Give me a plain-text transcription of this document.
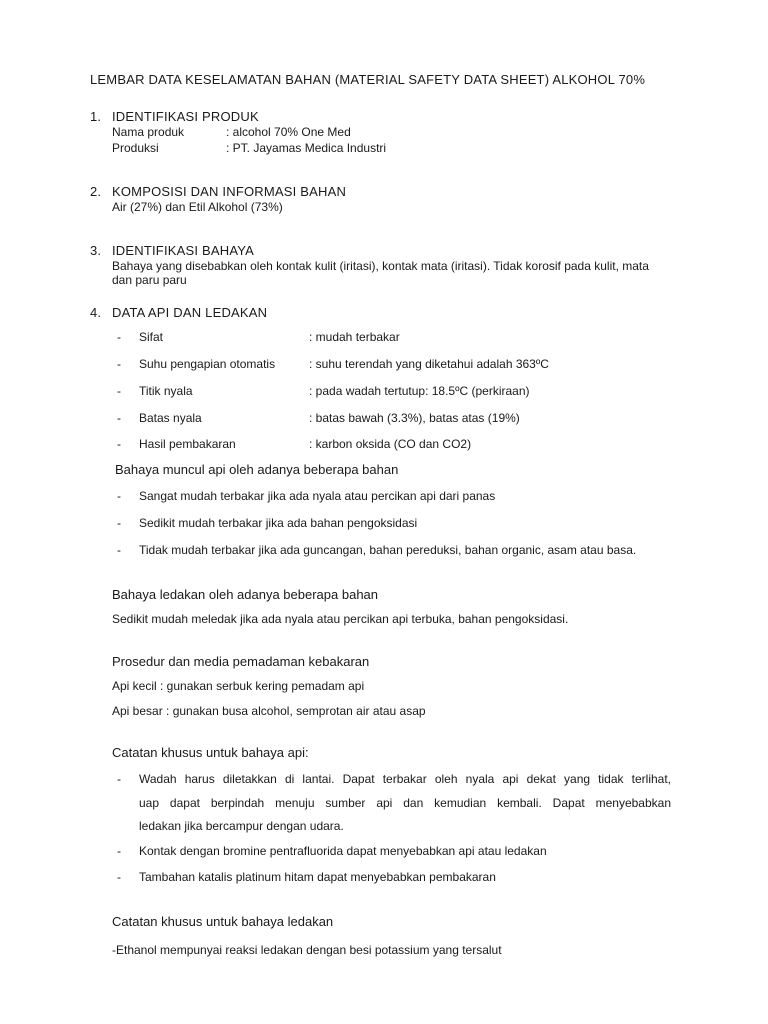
LEMBAR DATA KESELAMATAN BAHAN (MATERIAL SAFETY DATA SHEET) ALKOHOL 70%
1. IDENTIFIKASI PRODUK
Nama produk	: alcohol 70% One Med
Produksi	: PT. Jayamas Medica Industri
2. KOMPOSISI DAN INFORMASI BAHAN
Air (27%) dan Etil Alkohol (73%)
3. IDENTIFIKASI BAHAYA
Bahaya yang disebabkan oleh kontak kulit (iritasi), kontak mata (iritasi). Tidak korosif pada kulit, mata
dan paru paru
4. DATA API DAN LEDAKAN
- Sifat	: mudah terbakar
- Suhu pengapian otomatis	: suhu terendah yang diketahui adalah 363ºC
- Titik nyala	: pada wadah tertutup: 18.5ºC (perkiraan)
- Batas nyala	: batas bawah (3.3%), batas atas (19%)
- Hasil pembakaran	: karbon oksida (CO dan CO2)
Bahaya muncul api oleh adanya beberapa bahan
- Sangat mudah terbakar jika ada nyala atau percikan api dari panas
- Sedikit mudah terbakar jika ada bahan pengoksidasi
- Tidak mudah terbakar jika ada guncangan, bahan pereduksi, bahan organic, asam atau basa.
Bahaya ledakan oleh adanya beberapa bahan
Sedikit mudah meledak jika ada nyala atau percikan api terbuka, bahan pengoksidasi.
Prosedur dan media pemadaman kebakaran
Api kecil : gunakan serbuk kering pemadam api
Api besar : gunakan busa alcohol, semprotan air atau asap
Catatan khusus untuk bahaya api:
- Wadah harus diletakkan di lantai. Dapat terbakar oleh nyala api dekat yang tidak terlihat,
uap dapat berpindah menuju sumber api dan kemudian kembali. Dapat menyebabkan
ledakan jika bercampur dengan udara.
- Kontak dengan bromine pentrafluorida dapat menyebabkan api atau ledakan
- Tambahan katalis platinum hitam dapat menyebabkan pembakaran
Catatan khusus untuk bahaya ledakan
-Ethanol mempunyai reaksi ledakan dengan besi potassium yang tersalut
